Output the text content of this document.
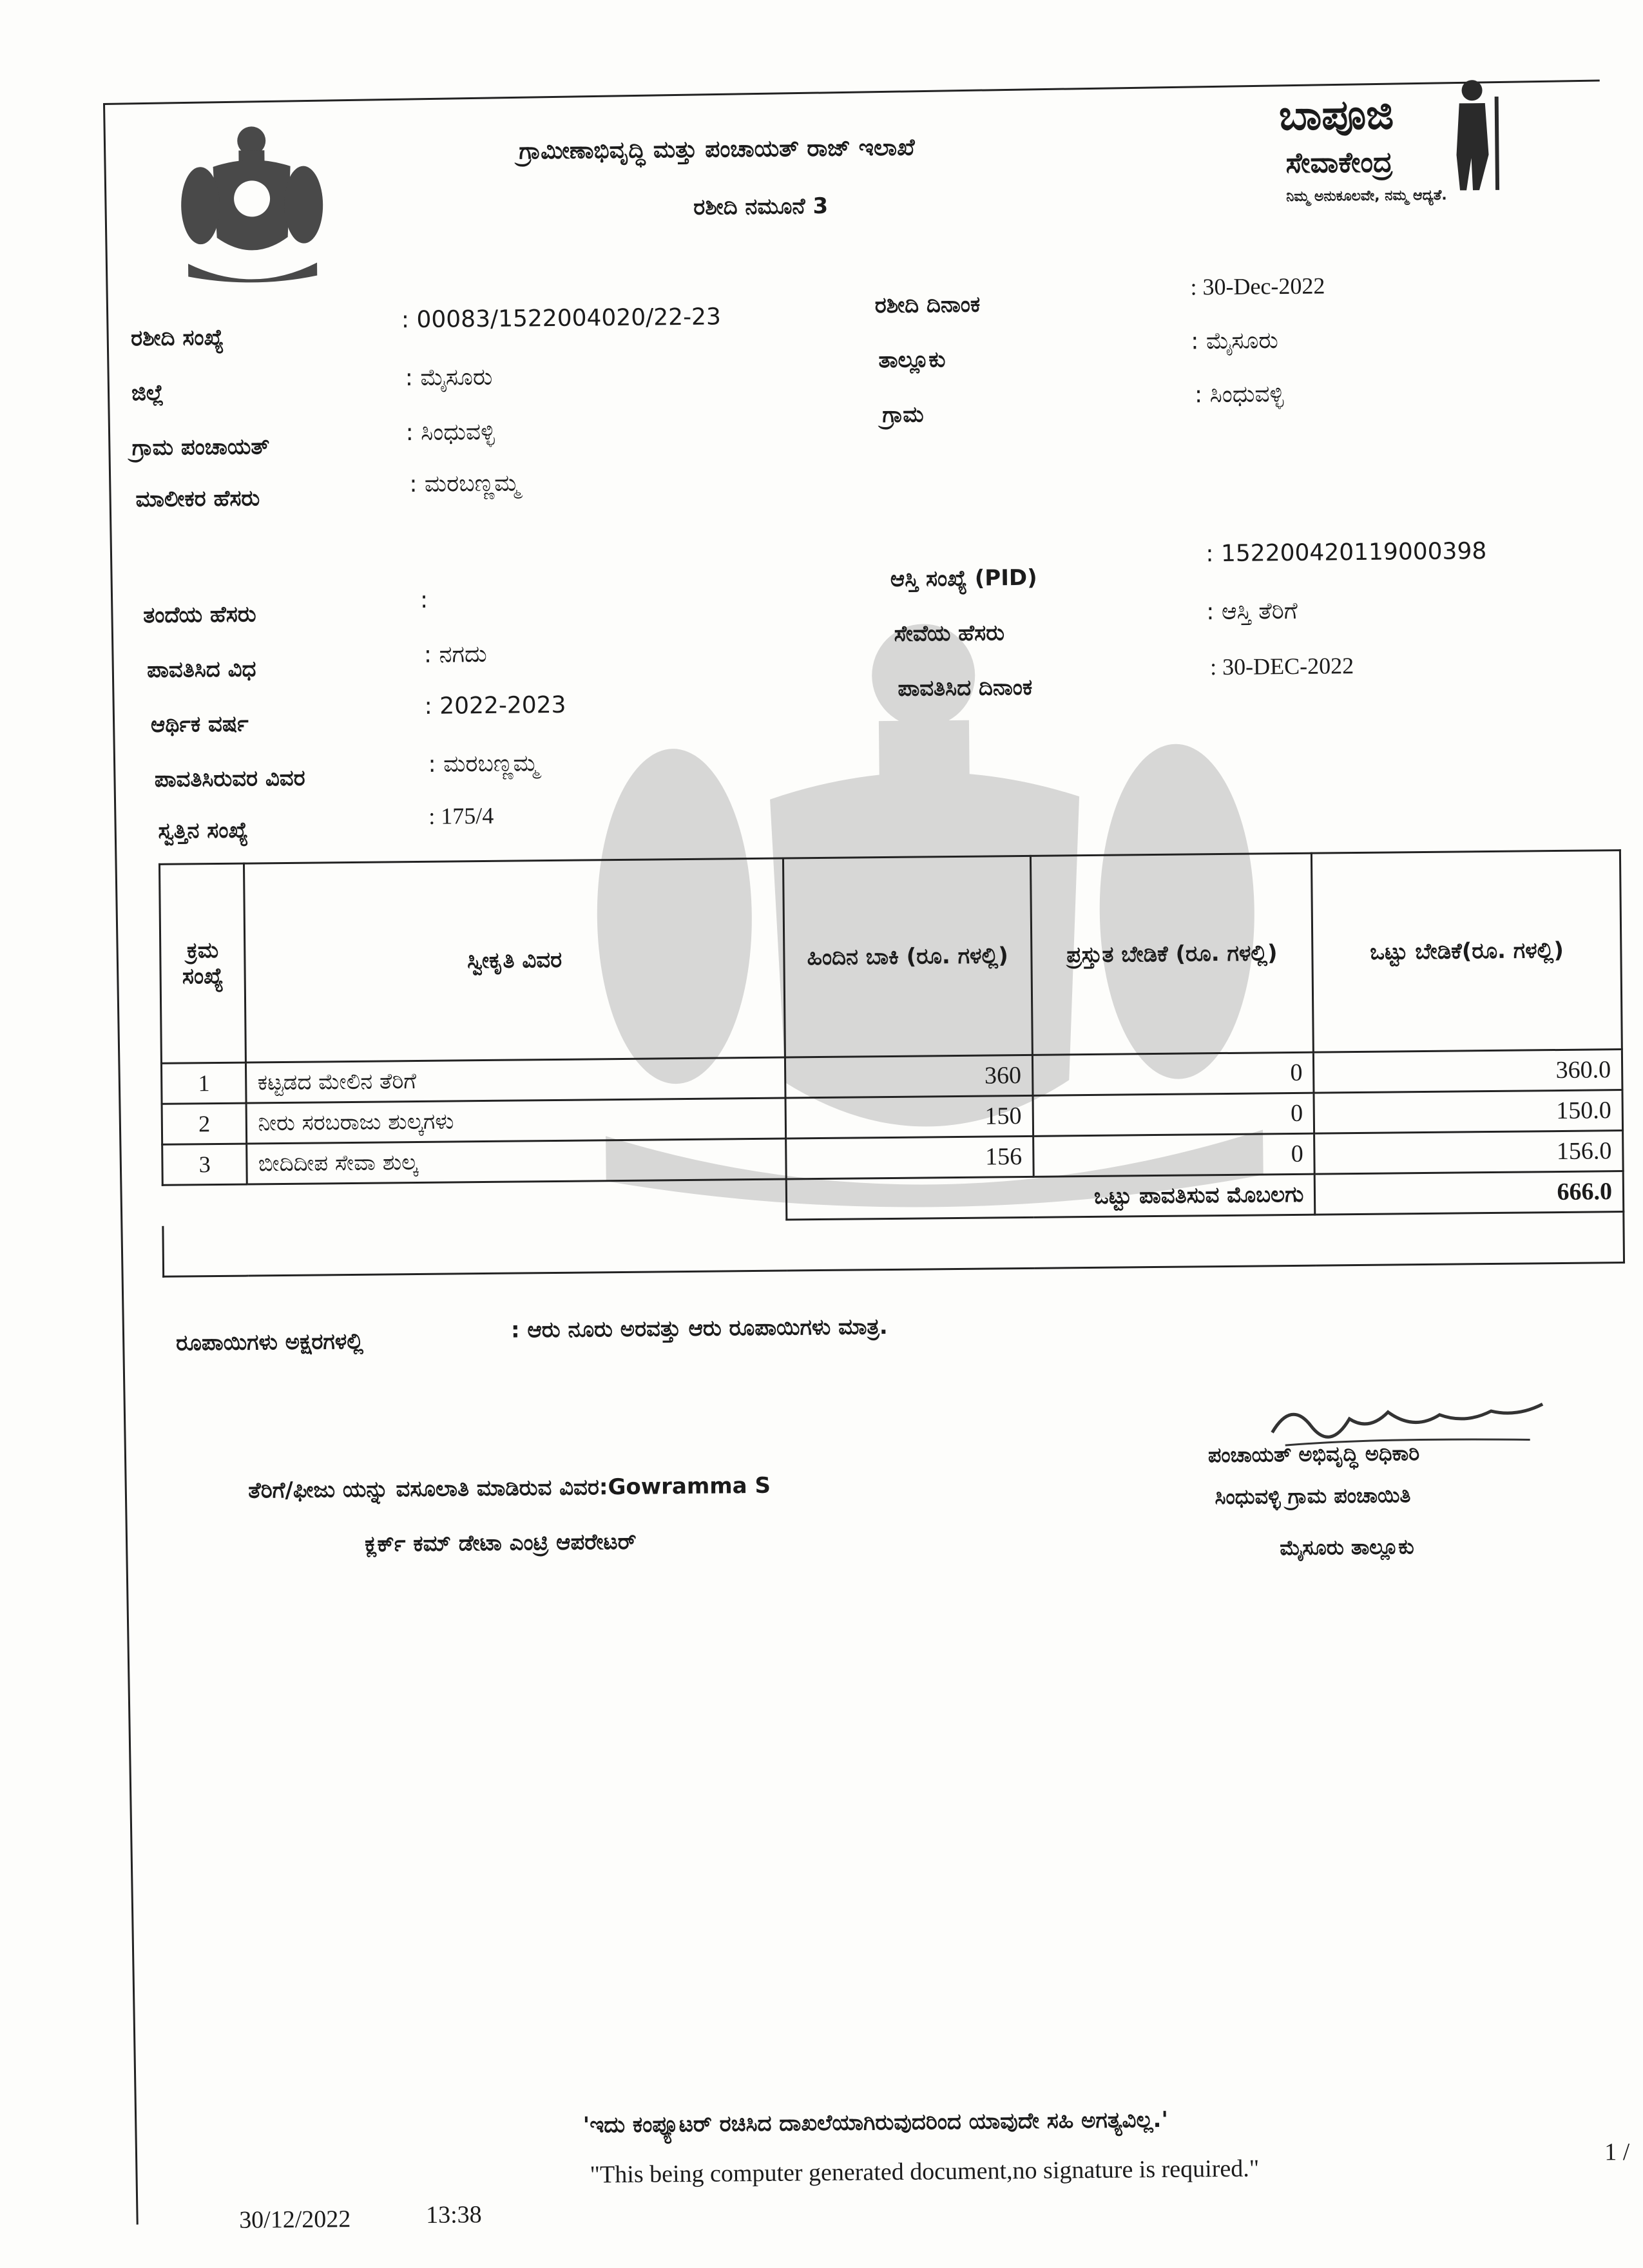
ಗ್ರಾಮೀಣಾಭಿವೃದ್ಧಿ ಮತ್ತು ಪಂಚಾಯತ್ ರಾಜ್ ಇಲಾಖೆ
ರಶೀದಿ ನಮೂನೆ 3
ಬಾಪೂಜಿ
ಸೇವಾಕೇಂದ್ರ
ನಿಮ್ಮ ಅನುಕೂಲವೇ, ನಮ್ಮ ಆದ್ಯತೆ.
ರಶೀದಿ ಸಂಖ್ಯೆ
: 00083/1522004020/22-23
ಜಿಲ್ಲೆ
: ಮೈಸೂರು
ಗ್ರಾಮ ಪಂಚಾಯತ್
: ಸಿಂಧುವಳ್ಳಿ
ಮಾಲೀಕರ ಹೆಸರು
: ಮರಬಣ್ಣಮ್ಮ
ತಂದೆಯ ಹೆಸರು
:
ಪಾವತಿಸಿದ ವಿಧ
: ನಗದು
ಆರ್ಥಿಕ ವರ್ಷ
: 2022-2023
ಪಾವತಿಸಿರುವರ ವಿವರ
: ಮರಬಣ್ಣಮ್ಮ
ಸ್ವತ್ತಿನ ಸಂಖ್ಯೆ
: 175/4
ರಶೀದಿ ದಿನಾಂಕ
: 30-Dec-2022
ತಾಲ್ಲೂಕು
: ಮೈಸೂರು
ಗ್ರಾಮ
: ಸಿಂಧುವಳ್ಳಿ
ಆಸ್ತಿ ಸಂಖ್ಯೆ (PID)
: 152200420119000398
ಸೇವೆಯ ಹೆಸರು
: ಆಸ್ತಿ ತೆರಿಗೆ
ಪಾವತಿಸಿದ ದಿನಾಂಕ
: 30-DEC-2022
ಕ್ರಮ ಸಂಖ್ಯೆ	ಸ್ವೀಕೃತಿ ವಿವರ	ಹಿಂದಿನ ಬಾಕಿ (ರೂ. ಗಳಲ್ಲಿ)	ಪ್ರಸ್ತುತ ಬೇಡಿಕೆ (ರೂ. ಗಳಲ್ಲಿ)	ಒಟ್ಟು ಬೇಡಿಕೆ(ರೂ. ಗಳಲ್ಲಿ)
1	ಕಟ್ಟಡದ ಮೇಲಿನ ತೆರಿಗೆ	360	0	360.0
2	ನೀರು ಸರಬರಾಜು ಶುಲ್ಕಗಳು	150	0	150.0
3	ಬೀದಿದೀಪ ಸೇವಾ ಶುಲ್ಕ	156	0	156.0
		ಒಟ್ಟು ಪಾವತಿಸುವ ಮೊಬಲಗು		666.0

ರೂಪಾಯಿಗಳು ಅಕ್ಷರಗಳಲ್ಲಿ	: ಆರು ನೂರು ಅರವತ್ತು ಆರು ರೂಪಾಯಿಗಳು ಮಾತ್ರ.
ತೆರಿಗೆ/ಫೀಜು ಯನ್ನು ವಸೂಲಾತಿ ಮಾಡಿರುವ ವಿವರ:Gowramma S
ಕ್ಲರ್ಕ್ ಕಮ್ ಡೇಟಾ ಎಂಟ್ರಿ ಆಪರೇಟರ್
ಪಂಚಾಯತ್ ಅಭಿವೃದ್ಧಿ ಅಧಿಕಾರಿ
ಸಿಂಧುವಳ್ಳಿ ಗ್ರಾಮ ಪಂಚಾಯಿತಿ
ಮೈಸೂರು ತಾಲ್ಲೂಕು
'ಇದು ಕಂಪ್ಯೂಟರ್ ರಚಿಸಿದ ದಾಖಲೆಯಾಗಿರುವುದರಿಂದ ಯಾವುದೇ ಸಹಿ ಅಗತ್ಯವಿಲ್ಲ.'
"This being computer generated document,no signature is required."
30/12/2022	13:38
1 /
